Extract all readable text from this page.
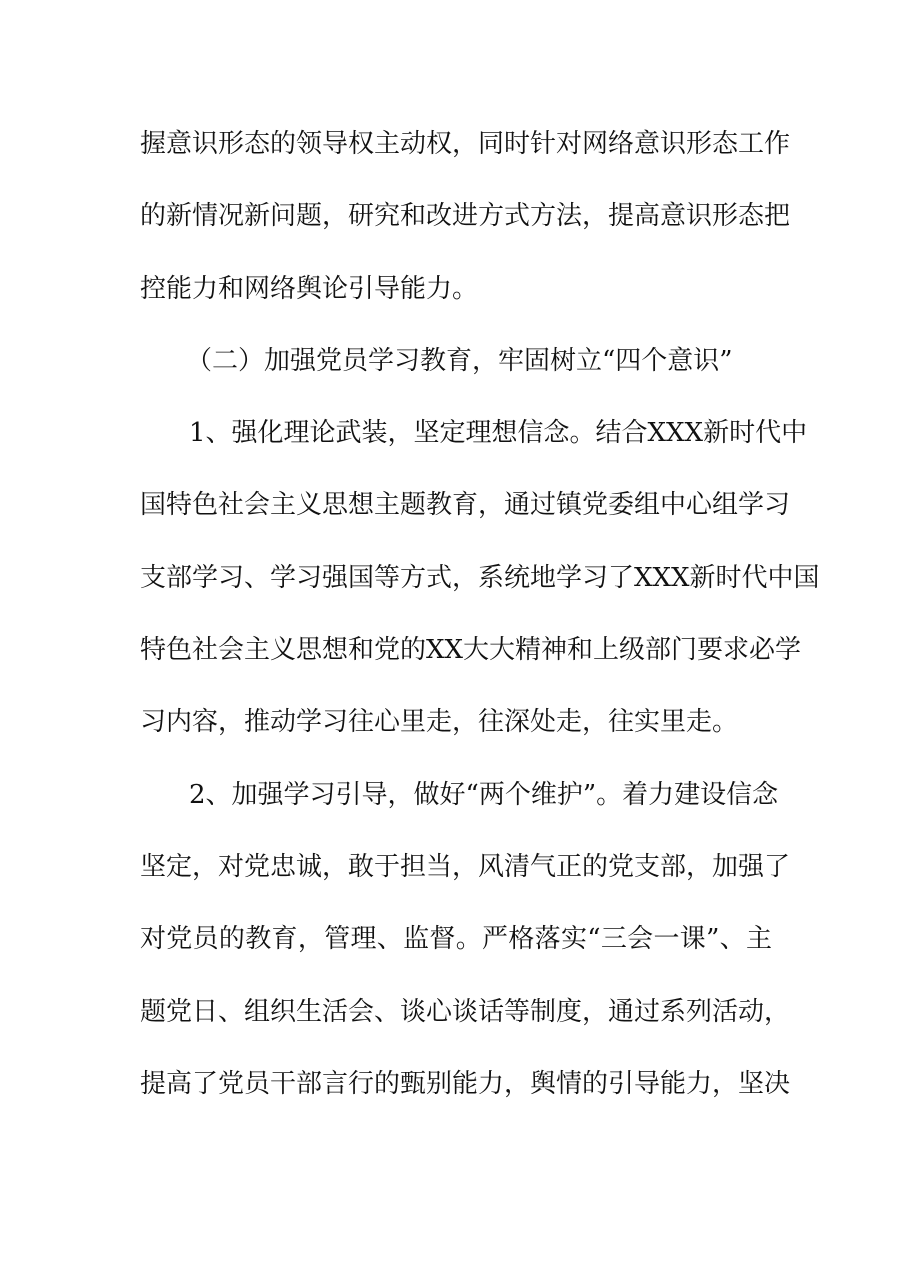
握意识形态的领导权主动权，同时针对网络意识形态工作
的新情况新问题，研究和改进方式方法，提高意识形态把
控能力和网络舆论引导能力。
（二）加强党员学习教育，牢固树立“四个意识”
1、强化理论武装，坚定理想信念。结合XXX新时代中
国特色社会主义思想主题教育，通过镇党委组中心组学习
支部学习、学习强国等方式，系统地学习了XXX新时代中国
特色社会主义思想和党的XX大大精神和上级部门要求必学
习内容，推动学习往心里走，往深处走，往实里走。
2、加强学习引导，做好“两个维护”。着力建设信念
坚定，对党忠诚，敢于担当，风清气正的党支部，加强了
对党员的教育，管理、监督。严格落实“三会一课”、主
题党日、组织生活会、谈心谈话等制度，通过系列活动，
提高了党员干部言行的甄别能力，舆情的引导能力，坚决
